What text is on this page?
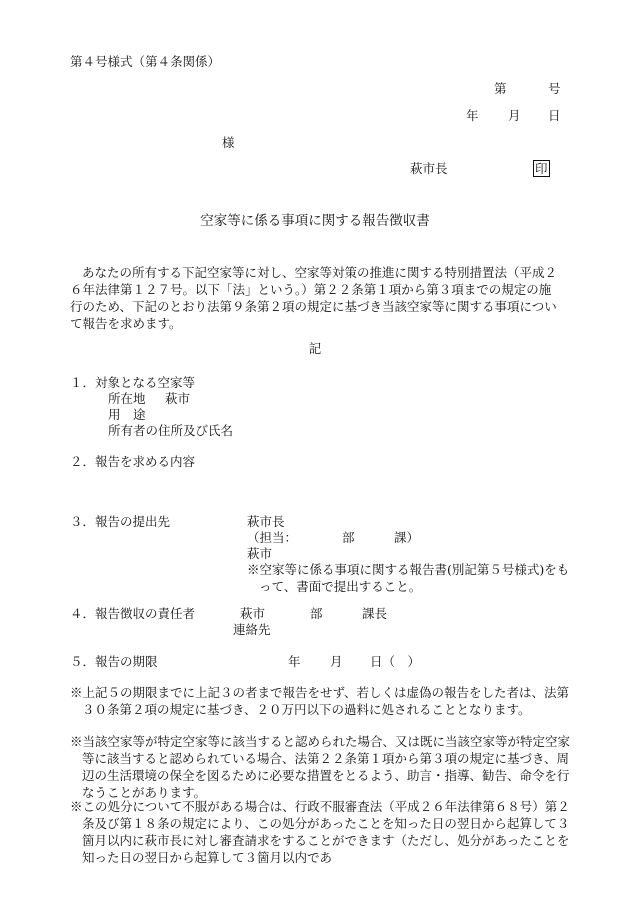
第４号様式（第４条関係）
第	号
年 月 日
様
萩市長	印
空家等に係る事項に関する報告徴収書
あなたの所有する下記空家等に対し、空家等対策の推進に関する特別措置法（平成２６年法律第１２７号。以下「法」という。）第２２条第１項から第３項までの規定の施行のため、下記のとおり法第９条第２項の規定に基づき当該空家等に関する事項について報告を求めます。
記
１．対象となる空家等
所在地 萩市
用　途
所有者の住所及び氏名
２．報告を求める内容
３．報告の提出先	萩市長
（担当：	部	課）
萩市
※空家等に係る事項に関する報告書(別記第５号様式)をもって、書面で提出すること。
４．報告徴収の責任者	萩市	部	課長
連絡先
５．報告の期限	年 月 日（　）
※上記５の期限までに上記３の者まで報告をせず、若しくは虚偽の報告をした者は、法第３０条第２項の規定に基づき、２０万円以下の過料に処されることとなります。
※当該空家等が特定空家等に該当すると認められた場合、又は既に当該空家等が特定空家等に該当すると認められている場合、法第２２条第１項から第３項の規定に基づき、周辺の生活環境の保全を図るために必要な措置をとるよう、助言・指導、勧告、命令を行なうことがあります。
※この処分について不服がある場合は、行政不服審査法（平成２６年法律第６８号）第２条及び第１８条の規定により、この処分があったことを知った日の翌日から起算して３箇月以内に萩市長に対し審査請求をすることができます（ただし、処分があったことを知った日の翌日から起算して３箇月以内であ
